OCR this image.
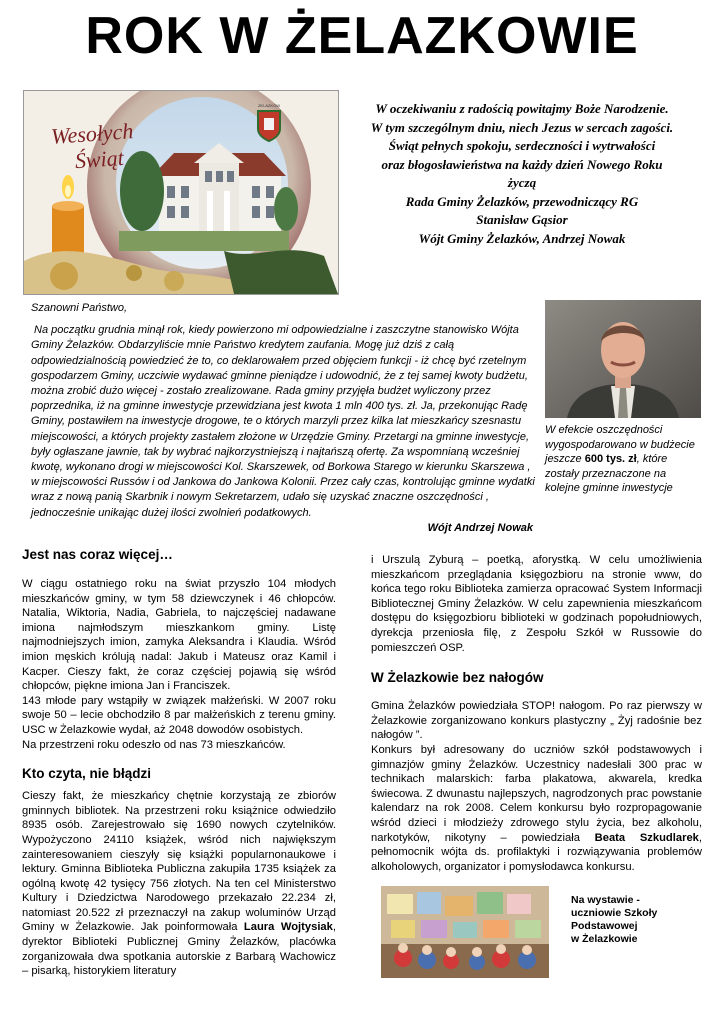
ROK W ŻELAZKOWIE
Wesołych
Świąt
ŻELAZKÓW	W oczekiwaniu z radością powitajmy Boże Narodzenie.
W tym szczególnym dniu, niech Jezus w sercach zagości.
Świąt pełnych spokoju, serdeczności i wytrwałości
oraz błogosławieństwa na każdy dzień Nowego Roku
życzą
Rada Gminy Żelazków, przewodniczący RG
Stanisław Gąsior
Wójt Gminy Żelazków, Andrzej Nowak

Szanowni Państwo,

Na początku grudnia minął rok, kiedy powierzono mi odpowiedzialne i zaszczytne stanowisko Wójta Gminy Żelazków. Obdarzyliście mnie Państwo kredytem zaufania. Mogę już dziś z całą odpowiedzialnością powiedzieć że to, co deklarowałem przed objęciem funkcji - iż chcę być rzetelnym gospodarzem Gminy, uczciwie wydawać gminne pieniądze i udowodnić, że z tej samej kwoty budżetu, można zrobić dużo więcej - zostało zrealizowane. Rada gminy przyjęła budżet wyliczony przez poprzednika, iż na gminne inwestycje przewidziana jest kwota 1 mln 400 tys. zł. Ja, przekonując Radę Gminy, postawiłem na inwestycje drogowe, te o których marzyli przez kilka lat mieszkańcy szesnastu miejscowości, a których projekty zastałem złożone w Urzędzie Gminy. Przetargi na gminne inwestycje, były ogłaszane jawnie, tak by wybrać najkorzystniejszą i najtańszą ofertę. Za wspomnianą wcześniej kwotę, wykonano drogi w miejscowości Kol. Skarszewek, od Borkowa Starego w kierunku Skarszewa , w miejscowości Russów i od Jankowa do Jankowa Kolonii. Przez cały czas, kontrolując gminne wydatki wraz z nową panią Skarbnik i nowym Sekretarzem, udało się uzyskać znaczne oszczędności , jednocześnie unikając dużej ilości zwolnień podatkowych.

Wójt Andrzej Nowak

W efekcie oszczędności wygospodarowano w budżecie jeszcze 600 tys. zł, które zostały przeznaczone na kolejne gminne inwestycje
Jest nas coraz więcej…

W ciągu ostatniego roku na świat przyszło 104 młodych mieszkańców gminy, w tym 58 dziewczynek i 46 chłopców. Natalia, Wiktoria, Nadia, Gabriela, to najczęściej nadawane imiona najmłodszym mieszkankom gminy. Listę najmodniejszych imion, zamyka Aleksandra i Klaudia. Wśród imion męskich królują nadal: Jakub i Mateusz oraz Kamil i Kacper. Cieszy fakt, że coraz częściej pojawią się wśród chłopców, piękne imiona Jan i Franciszek.

143 młode pary wstąpiły w związek małżeński. W 2007 roku swoje 50 – lecie obchodziło 8 par małżeńskich z terenu gminy. USC w Żelazkowie wydał, aż 2048 dowodów osobistych.

Na przestrzeni roku odeszło od nas 73 mieszkańców.

Kto czyta, nie błądzi

Cieszy fakt, że mieszkańcy chętnie korzystają ze zbiorów gminnych bibliotek. Na przestrzeni roku książnice odwiedziło 8935 osób. Zarejestrowało się 1690 nowych czytelników. Wypożyczono 24110 książek, wśród nich największym zainteresowaniem cieszyły się książki popularnonaukowe i lektury. Gminna Biblioteka Publiczna zakupiła 1735 książek za ogólną kwotę 42 tysięcy 756 złotych. Na ten cel Ministerstwo Kultury i Dziedzictwa Narodowego przekazało 22.234 zł, natomiast 20.522 zł przeznaczył na zakup woluminów Urząd Gminy w Żelazkowie. Jak poinformowała Laura Wojtysiak, dyrektor Biblioteki Publicznej Gminy Żelazków, placówka zorganizowała dwa spotkania autorskie z Barbarą Wachowicz – pisarką, historykiem literatury

i Urszulą Zyburą – poetką, aforystką. W celu umożliwienia mieszkańcom przeglądania księgozbioru na stronie www, do końca tego roku Biblioteka zamierza opracować System Informacji Bibliotecznej Gminy Żelazków. W celu zapewnienia mieszkańcom dostępu do księgozbioru biblioteki w godzinach popołudniowych, dyrekcja przeniosła filę, z Zespołu Szkół w Russowie do pomieszczeń OSP.

W Żelazkowie bez nałogów

Gmina Żelazków powiedziała STOP! nałogom. Po raz pierwszy w Żelazkowie zorganizowano konkurs plastyczny „ Żyj radośnie bez nałogów ”.

Konkurs był adresowany do uczniów szkół podstawowych i gimnazjów gminy Żelazków. Uczestnicy nadesłali 300 prac w technikach malarskich: farba plakatowa, akwarela, kredka świecowa. Z dwunastu najlepszych, nagrodzonych prac powstanie kalendarz na rok 2008. Celem konkursu było rozpropagowanie wśród dzieci i młodzieży zdrowego stylu życia, bez alkoholu, narkotyków, nikotyny – powiedziała Beata Szkudlarek, pełnomocnik wójta ds. profilaktyki i rozwiązywania problemów alkoholowych, organizator i pomysłodawca konkursu.

Na wystawie -
uczniowie Szkoły
Podstawowej
w Żelazkowie
